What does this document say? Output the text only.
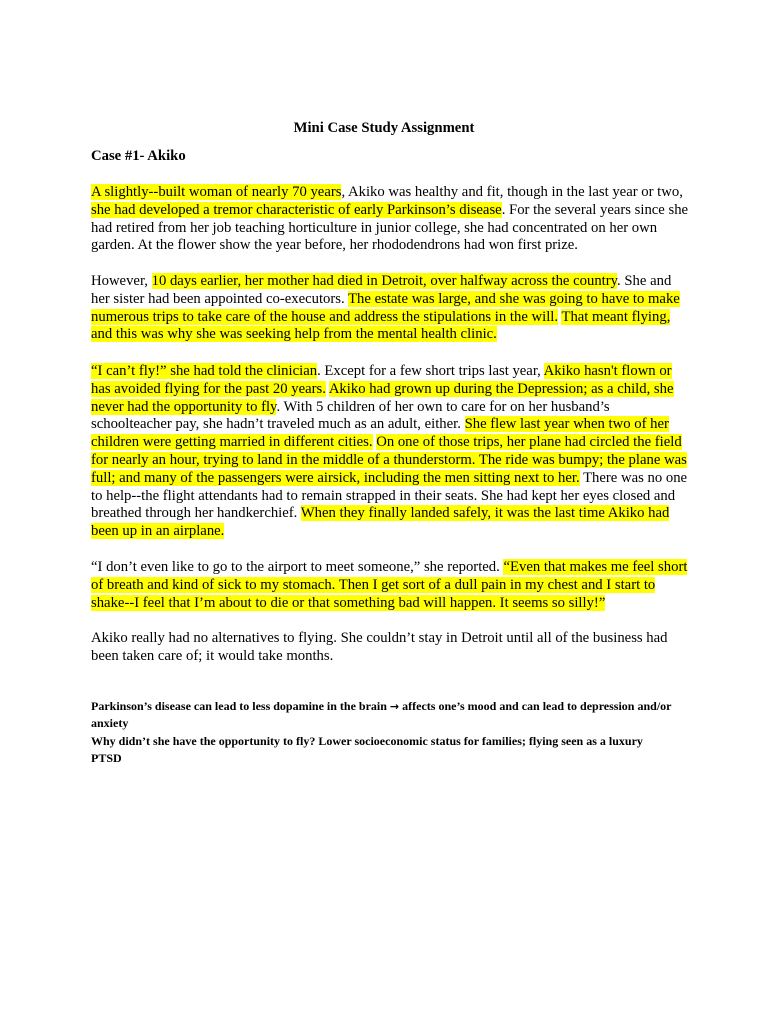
Mini Case Study Assignment
Case #1- Akiko

A slightly--built woman of nearly 70 years, Akiko was healthy and fit, though in the last year or two, she had developed a tremor characteristic of early Parkinson’s disease. For the several years since she had retired from her job teaching horticulture in junior college, she had concentrated on her own garden. At the flower show the year before, her rhododendrons had won first prize.

However, 10 days earlier, her mother had died in Detroit, over halfway across the country. She and her sister had been appointed co-executors. The estate was large, and she was going to have to make numerous trips to take care of the house and address the stipulations in the will. That meant flying, and this was why she was seeking help from the mental health clinic.

“I can’t fly!” she had told the clinician. Except for a few short trips last year, Akiko hasn't flown or has avoided flying for the past 20 years. Akiko had grown up during the Depression; as a child, she never had the opportunity to fly. With 5 children of her own to care for on her husband’s schoolteacher pay, she hadn’t traveled much as an adult, either. She flew last year when two of her children were getting married in different cities. On one of those trips, her plane had circled the field for nearly an hour, trying to land in the middle of a thunderstorm. The ride was bumpy; the plane was full; and many of the passengers were airsick, including the men sitting next to her. There was no one to help--the flight attendants had to remain strapped in their seats. She had kept her eyes closed and breathed through her handkerchief. When they finally landed safely, it was the last time Akiko had been up in an airplane.

“I don’t even like to go to the airport to meet someone,” she reported. “Even that makes me feel short of breath and kind of sick to my stomach. Then I get sort of a dull pain in my chest and I start to shake--I feel that I’m about to die or that something bad will happen. It seems so silly!”

Akiko really had no alternatives to flying. She couldn’t stay in Detroit until all of the business had been taken care of; it would take months.

Parkinson’s disease can lead to less dopamine in the brain → affects one’s mood and can lead to depression and/or anxiety
Why didn’t she have the opportunity to fly? Lower socioeconomic status for families; flying seen as a luxury
PTSD
